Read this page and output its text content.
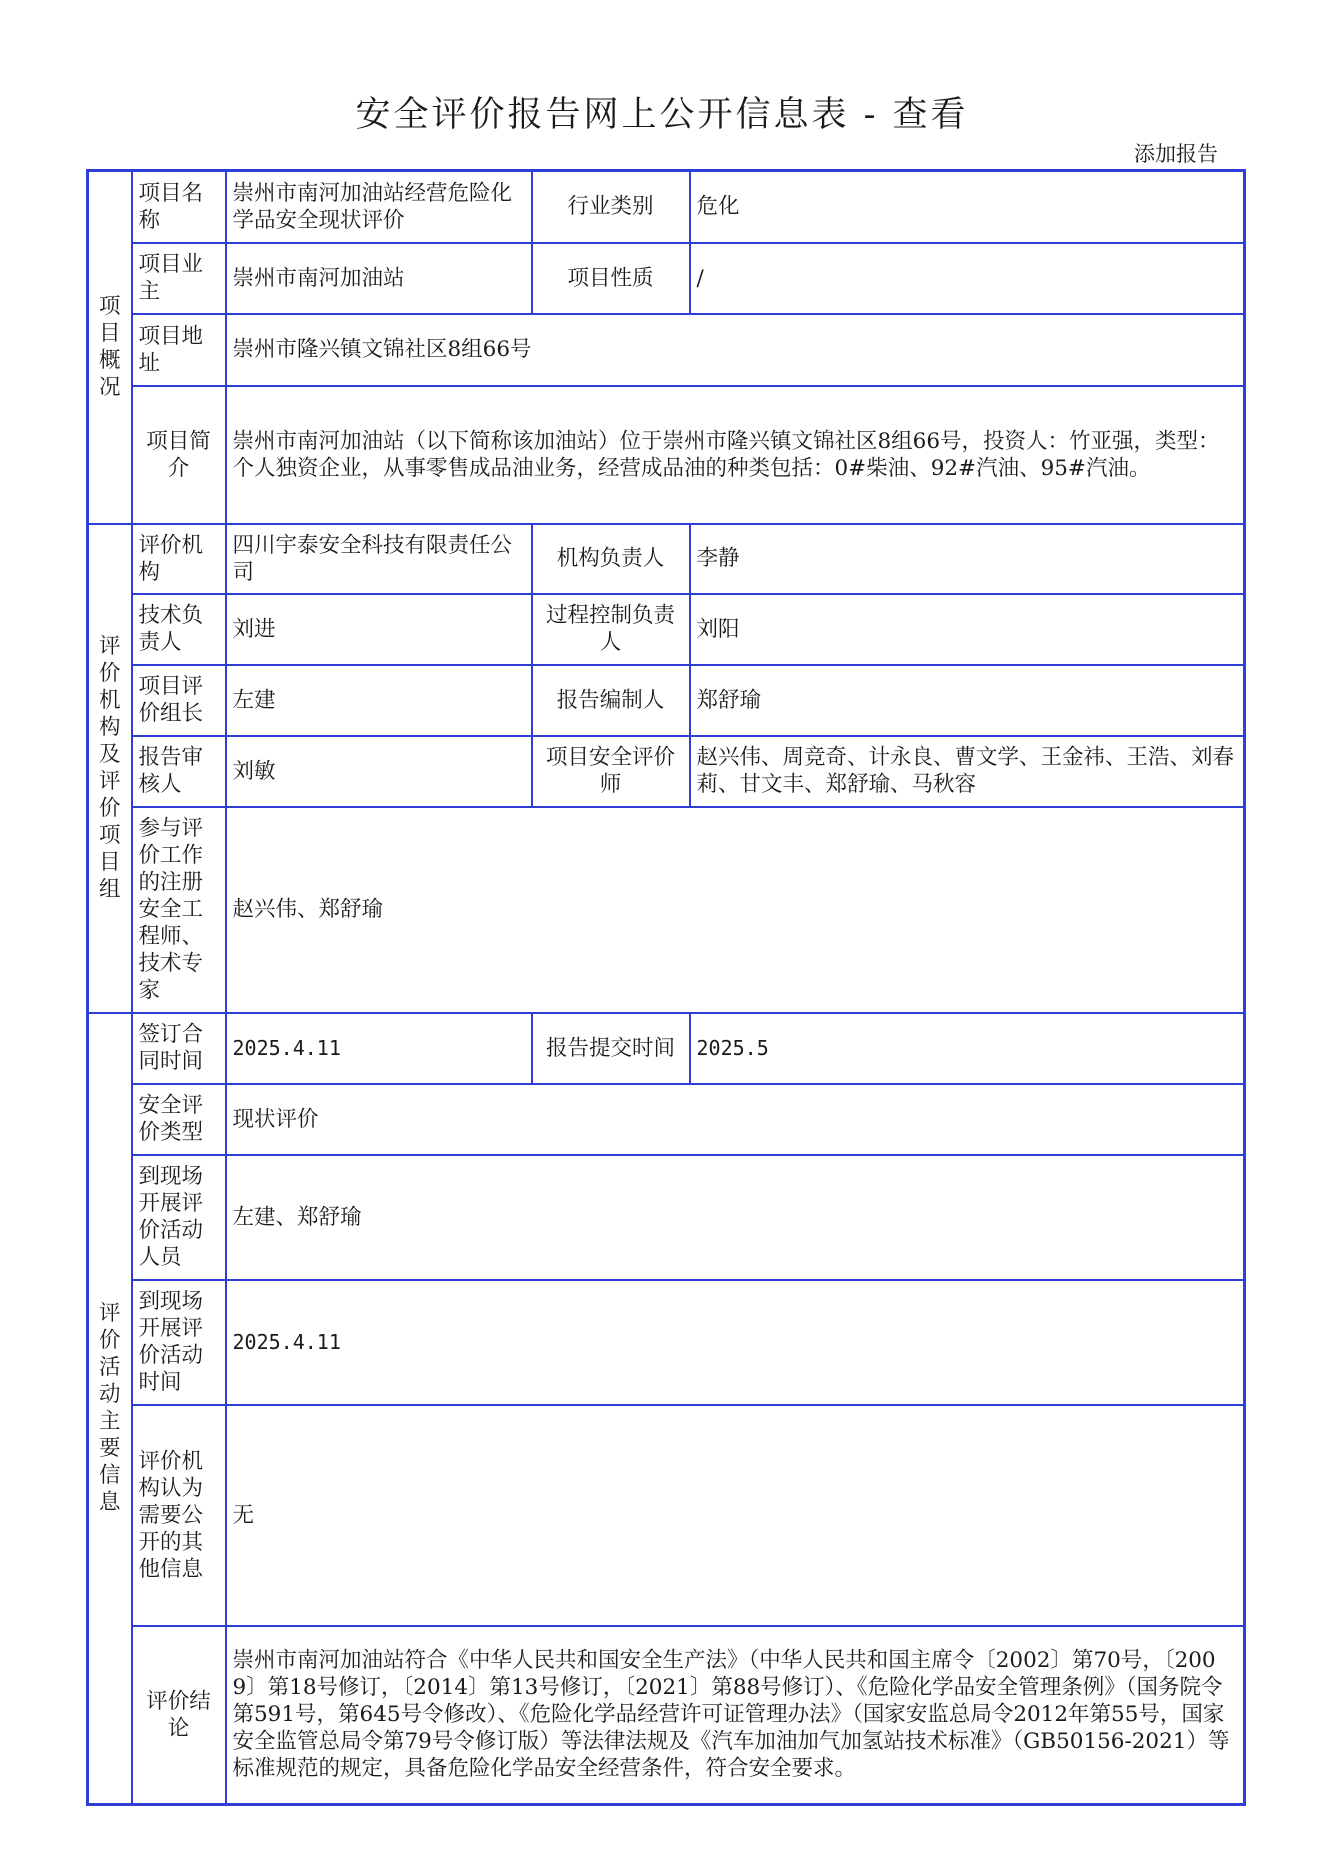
安全评价报告网上公开信息表 - 查看
添加报告
项目概况	项目名称	崇州市南河加油站经营危险化学品安全现状评价	行业类别	危化
	项目业主	崇州市南河加油站	项目性质	/
	项目地址	崇州市隆兴镇文锦社区8组66号		
	项目简介	崇州市南河加油站（以下简称该加油站）位于崇州市隆兴镇文锦社区8组66号，投资人：竹亚强，类型：个人独资企业，从事零售成品油业务，经营成品油的种类包括：0#柴油、92#汽油、95#汽油。		
评价机构及评价项目组	评价机构	四川宇泰安全科技有限责任公司	机构负责人	李静
	技术负责人	刘进	过程控制负责人	刘阳
	项目评价组长	左建	报告编制人	郑舒瑜
	报告审核人	刘敏	项目安全评价师	赵兴伟、周竞奇、计永良、曹文学、王金祎、王浩、刘春莉、甘文丰、郑舒瑜、马秋容
	参与评价工作的注册安全工程师、技术专家	赵兴伟、郑舒瑜		
评价活动主要信息	签订合同时间	2025.4.11	报告提交时间	2025.5
	安全评价类型	现状评价		
	到现场开展评价活动人员	左建、郑舒瑜		
	到现场开展评价活动时间	2025.4.11		
	评价机构认为需要公开的其他信息	无		
	评价结论	崇州市南河加油站符合《中华人民共和国安全生产法》（中华人民共和国主席令〔2002〕第70号，〔2009〕第18号修订，〔2014〕第13号修订，〔2021〕第88号修订）、《危险化学品安全管理条例》（国务院令第591号，第645号令修改）、《危险化学品经营许可证管理办法》（国家安监总局令2012年第55号，国家安全监管总局令第79号令修订版）等法律法规及《汽车加油加气加氢站技术标准》（GB50156-2021）等标准规范的规定，具备危险化学品安全经营条件，符合安全要求。		
